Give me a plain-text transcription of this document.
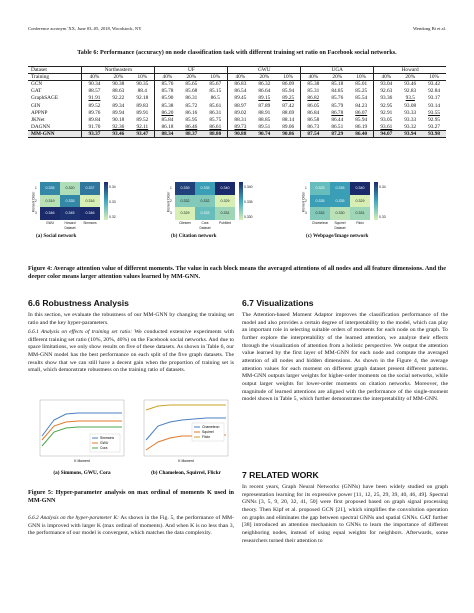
Conference acronym 'XX, June 03–05, 2018, Woodstock, NY	Wendong Bi et al.
Table 6: Performance (accuracy) on node classification task with different training set ratio on Facebook social networks.
Dataset	Northeastern			UF			GWU			UGA			Howard		
Training	40%	20%	10%	40%	20%	10%	40%	20%	10%	40%	20%	10%	40%	20%	10%
GCN	90.34	90.38	90.35	85.76	85.65	85.67	86.83	86.32	86.09	85.38	85.18	85.01	93.04	93.46	93.42
GAT	88.57	88.63	88.4	85.78	85.68	85.15	86.54	86.64	85.94	85.31	84.85	85.25	92.63	92.83	92.84
GraphSAGE	91.91	92.22	92.18	85.90	86.31	86.5	89.45	89.15	89.25	86.82	85.76	85.54	93.36	93.5	93.17
GIN	89.52	89.34	89.83	85.38	85.72	85.61	88.97	87.89	87.42	86.05	85.79	84.23	92.95	93.08	93.14
APPNP	89.76	89.94	89.91	86.20	86.16	86.31	89.02	88.91	88.69	86.84	86.78	86.07	92.91	93.33	93.55
JKNet	89.84	90.18	89.52	85.84	85.95	85.75	88.31	88.85	88.14	86.58	86.44	85.94	93.05	93.33	92.95
DAGNN	91.70	92.36	92.11	86.18	86.46	86.61	89.73	89.51	89.06	86.73	86.51	86.19	93.61	93.32	93.27
MM-GNN	93.37	93.46	93.47	88.34	88.37	88.80	90.88	90.74	90.86	87.54	87.29	86.40	94.07	93.94	93.98
Moment Order
1
2
3
0.335	0.320	0.337
0.319	0.335	0.316
0.346	0.345	0.346
GWU	Howard	Simmons
Dataset
0.34
0.33
0.32
(a) Social network
Moment Order
1
2
3
0.339	0.335	0.340
0.332	0.332	0.329
0.329	0.333	0.331
Citeseer	Cora	PubMed
Dataset
0.340
0.335
0.330
(b) Citation network
Moment Order
1
2
3
0.333	0.335	0.340
0.335	0.335	0.329
0.332	0.330	0.331
Chameleon	Squirrel	Flickr
Dataset
0.34
0.33
(c) Webpage/Image network
Figure 4: Average attention value of different moments. The value in each block means the averaged attentions of all nodes and all feature dimensions. And the deeper color means larger attention values learned by MM-GNN.
6.6 Robustness Analysis
In this section, we evaluate the robustness of our MM-GNN by changing the training set ratio and the key hyper-parameters.
6.6.1 Analysis on effects of training set ratio: We conducted extensive experiments with different training set ratio (10%, 20%, 40%) on the Facebook social networks. And due to space limitations, we only show results on five of these datasets. As shown in Table 6, our MM-GNN model has the best performance on each split of the five graph datasets. The results show that we can still have a decent gain when the proportion of training set is small, which demonstrate robustness on the training ratio of datasets.
Simmons
GWU
Cora
K Moment
(a) Simmons, GWU, Cora
Chameleon
Squirrel
Flickr
K Moment
(b) Chameleon, Squirrel, Flickr
Figure 5: Hyper-parameter analysis on max ordinal of moments K used in MM-GNN
6.6.2 Analysis on the hyper-parameter K: As shown in the Fig. 5, the performance of MM-GNN is improved with larger K (max ordinal of moments). And when K is no less than 3, the performance of our model is convergent, which matches the data complexity.
6.7 Visualizations
The Attention-based Moment Adaptor improves the classification performance of the model and also provides a certain degree of interpretability to the model, which can play an important role in selecting suitable orders of moments for each node on the graph. To further explore the interpretability of the learned attention, we analyze their effects through the visualization of attention from a holistic perspective. We output the attention value learned by the first layer of MM-GNN for each node and compute the averaged attention of all nodes and hidden dimensions. As shown in the Figure 4, the average attention values for each moment on different graph dataset present different patterns. MM-GNN outputs larger weights for higher-order moments on the social networks, while output larger weights for lower-order moments on citation networks. Moreover, the magnitude of learned attentions are aligned with the performance of the single-moment model shown in Table 5, which further demonstrates the interpretability of MM-GNN.
7 RELATED WORK
In recent years, Graph Neural Networks (GNNs) have been widely studied on graph representation learning for its expressive power [11, 12, 25, 29, 39, 40, 46, 49]. Spectral GNNs [3, 5, 9, 20, 32, 41, 50] were first proposed based on graph signal processing theory. Then Kipf et al. proposed GCN [21], which simplifies the convolution operation on graphs and eliminates the gap between spectral GNNs and spatial GNNs. GAT further [38] introduced an attention mechanism to GNNs to learn the importance of different neighboring nodes, instead of using equal weights for neighbors. Afterwards, some researchers turned their attention to
